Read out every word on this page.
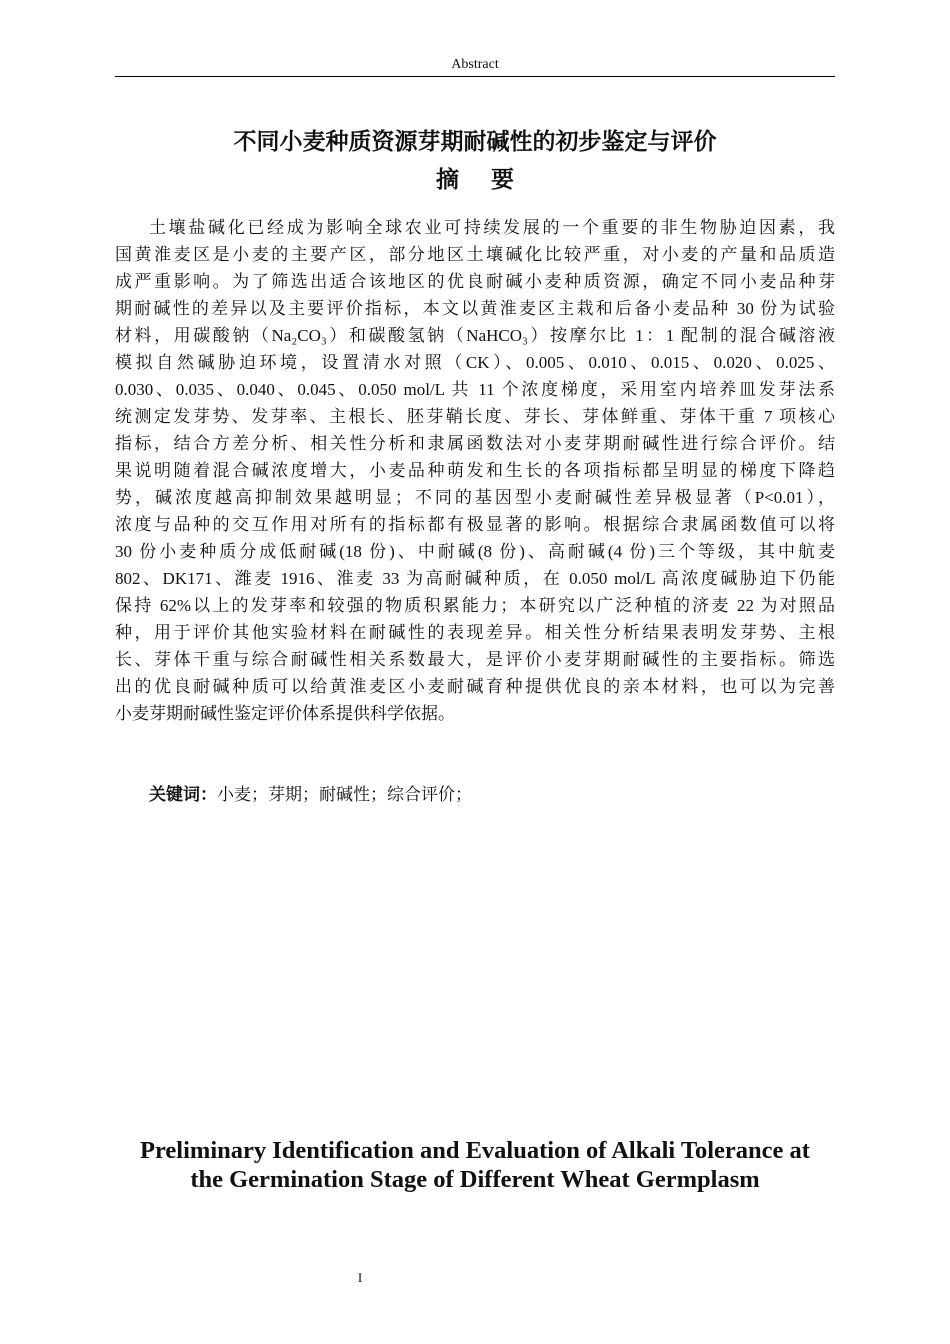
Abstract
不同小麦种质资源芽期耐碱性的初步鉴定与评价
摘要
土壤盐碱化已经成为影响全球农业可持续发展的一个重要的非生物胁迫因素，我
国黄淮麦区是小麦的主要产区，部分地区土壤碱化比较严重，对小麦的产量和品质造
成严重影响。为了筛选出适合该地区的优良耐碱小麦种质资源，确定不同小麦品种芽
期耐碱性的差异以及主要评价指标，本文以黄淮麦区主栽和后备小麦品种 30 份为试验
材料，用碳酸钠（Na₂CO₃）和碳酸氢钠（NaHCO₃）按摩尔比 1：1 配制的混合碱溶液
模拟自然碱胁迫环境，设置清水对照（CK）、0.005、0.010、0.015、0.020、0.025、
0.030、0.035、0.040、0.045、0.050 mol/L 共 11 个浓度梯度，采用室内培养皿发芽法系
统测定发芽势、发芽率、主根长、胚芽鞘长度、芽长、芽体鲜重、芽体干重 7 项核心
指标，结合方差分析、相关性分析和隶属函数法对小麦芽期耐碱性进行综合评价。结
果说明随着混合碱浓度增大，小麦品种萌发和生长的各项指标都呈明显的梯度下降趋
势，碱浓度越高抑制效果越明显；不同的基因型小麦耐碱性差异极显著（P<0.01），
浓度与品种的交互作用对所有的指标都有极显著的影响。根据综合隶属函数值可以将
30 份小麦种质分成低耐碱(18 份)、中耐碱(8 份)、高耐碱(4 份)三个等级，其中航麦
802、DK171、潍麦 1916、淮麦 33 为高耐碱种质，在 0.050 mol/L 高浓度碱胁迫下仍能
保持 62%以上的发芽率和较强的物质积累能力；本研究以广泛种植的济麦 22 为对照品
种，用于评价其他实验材料在耐碱性的表现差异。相关性分析结果表明发芽势、主根
长、芽体干重与综合耐碱性相关系数最大，是评价小麦芽期耐碱性的主要指标。筛选
出的优良耐碱种质可以给黄淮麦区小麦耐碱育种提供优良的亲本材料，也可以为完善
小麦芽期耐碱性鉴定评价体系提供科学依据。
关键词：小麦；芽期；耐碱性；综合评价；
Preliminary Identification and Evaluation of Alkali Tolerance at
the Germination Stage of Different Wheat Germplasm
I
